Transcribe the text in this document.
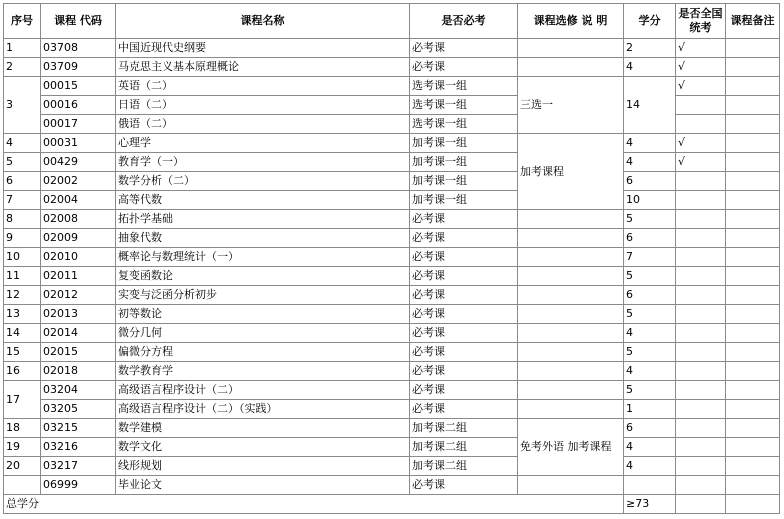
序号	课程 代码	课程名称	是否必考	课程选修 说 明	学分	是否全国统考	课程备注
1	03708	中国近现代史纲要	必考课		2	√	
2	03709	马克思主义基本原理概论	必考课		4	√	
3	00015	英语（二）	选考课一组	三选一	14	√	
	00016	日语（二）	选考课一组				
	00017	俄语（二）	选考课一组				
4	00031	心理学	加考课一组	加考课程	4	√	
5	00429	教育学（一）	加考课一组		4	√	
6	02002	数学分析（二）	加考课一组		6		
7	02004	高等代数	加考课一组		10		
8	02008	拓扑学基础	必考课		5		
9	02009	抽象代数	必考课		6		
10	02010	概率论与数理统计（一）	必考课		7		
11	02011	复变函数论	必考课		5		
12	02012	实变与泛函分析初步	必考课		6		
13	02013	初等数论	必考课		5		
14	02014	微分几何	必考课		4		
15	02015	偏微分方程	必考课		5		
16	02018	数学教育学	必考课		4		
17	03204	高级语言程序设计（二）	必考课		5		
	03205	高级语言程序设计（二）（实践）	必考课		1		
18	03215	数学建模	加考课二组	免考外语 加考课程	6		
19	03216	数学文化	加考课二组		4		
20	03217	线形规划	加考课二组		4		
	06999	毕业论文	必考课				
总学分					≥73		
